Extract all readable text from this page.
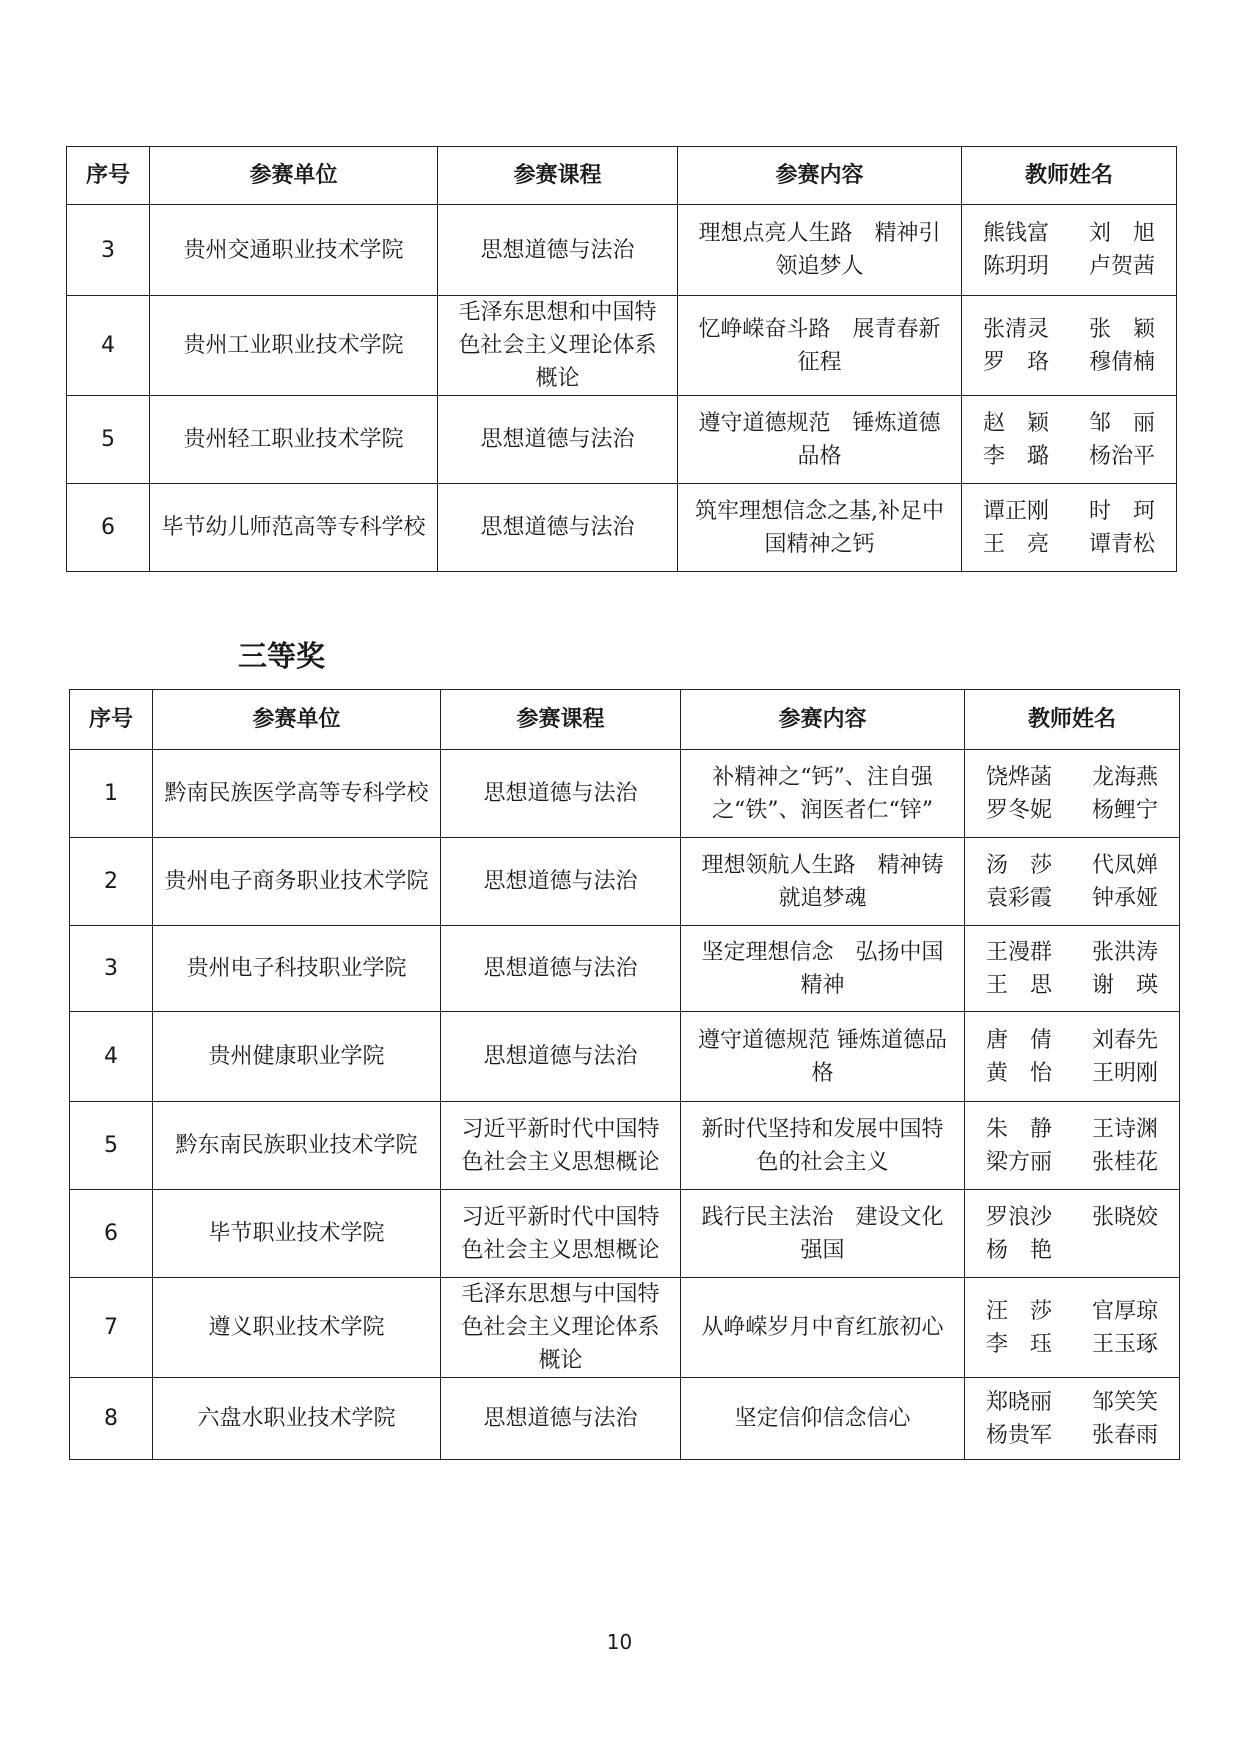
序号	参赛单位	参赛课程	参赛内容	教师姓名
3	贵州交通职业技术学院	思想道德与法治	理想点亮人生路　精神引领追梦人	熊钱富 刘　旭
陈玥玥 卢贺茜

4	贵州工业职业技术学院	毛泽东思想和中国特色社会主义理论体系概论	忆峥嵘奋斗路　展青春新征程	张清灵 张　颖
罗　珞 穆倩楠

5	贵州轻工职业技术学院	思想道德与法治	遵守道德规范　锤炼道德品格	赵　颖 邹　丽
李　璐 杨治平

6	毕节幼儿师范高等专科学校	思想道德与法治	筑牢理想信念之基,补足中国精神之钙	谭正刚 时　珂
王　亮 谭青松
三等奖
序号	参赛单位	参赛课程	参赛内容	教师姓名
1	黔南民族医学高等专科学校	思想道德与法治	补精神之“钙”、注自强之“铁”、润医者仁“锌”	饶烨菡 龙海燕
罗冬妮 杨鲤宁

2	贵州电子商务职业技术学院	思想道德与法治	理想领航人生路　精神铸就追梦魂	汤　莎 代凤婵
袁彩霞 钟承娅

3	贵州电子科技职业学院	思想道德与法治	坚定理想信念　弘扬中国精神	王漫群 张洪涛
王　思 谢　瑛

4	贵州健康职业学院	思想道德与法治	遵守道德规范 锤炼道德品格	唐　倩 刘春先
黄　怡 王明刚

5	黔东南民族职业技术学院	习近平新时代中国特色社会主义思想概论	新时代坚持和发展中国特色的社会主义	朱　静 王诗渊
梁方丽 张桂花

6	毕节职业技术学院	习近平新时代中国特色社会主义思想概论	践行民主法治　建设文化强国	罗浪沙 张晓姣
杨　艳

7	遵义职业技术学院	毛泽东思想与中国特色社会主义理论体系概论	从峥嵘岁月中育红旅初心	汪　莎 官厚琼
李　珏 王玉琢

8	六盘水职业技术学院	思想道德与法治	坚定信仰信念信心	郑晓丽 邹笑笑
杨贵军 张春雨
10
